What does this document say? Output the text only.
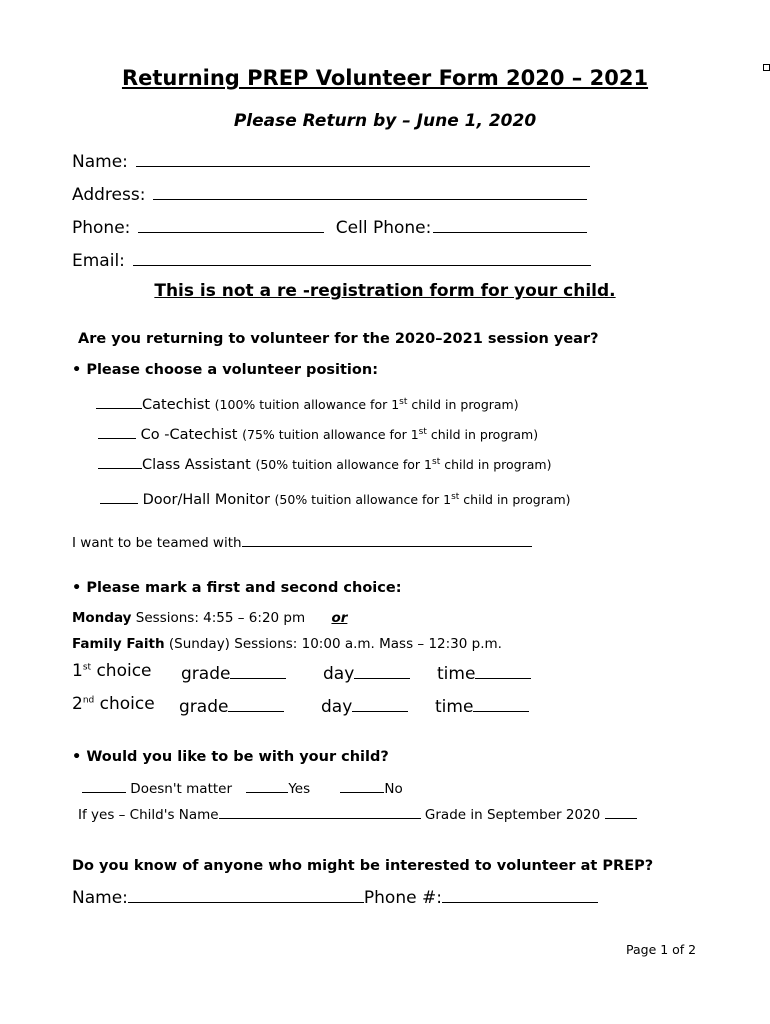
Returning PREP Volunteer Form 2020 – 2021
Please Return by – June 1, 2020
Name:
Address:
Phone:	Cell Phone:
Email:
This is not a re -registration form for your child.
Are you returning to volunteer for the 2020–2021 session year?
• Please choose a volunteer position:
Catechist (100% tuition allowance for 1st child in program)
Co -Catechist (75% tuition allowance for 1st child in program)
Class Assistant (50% tuition allowance for 1st child in program)
Door/Hall Monitor (50% tuition allowance for 1st child in program)
I want to be teamed with
• Please mark a first and second choice:
Monday Sessions: 4:55 – 6:20 pm or
Family Faith (Sunday) Sessions: 10:00 a.m. Mass – 12:30 p.m.
1st choice grade	day	time
2nd choice grade	day	time
• Would you like to be with your child?
Doesn't matter	Yes	No
If yes – Child's Name	Grade in September 2020
Do you know of anyone who might be interested to volunteer at PREP?
Name:	Phone #:
Page 1 of 2
